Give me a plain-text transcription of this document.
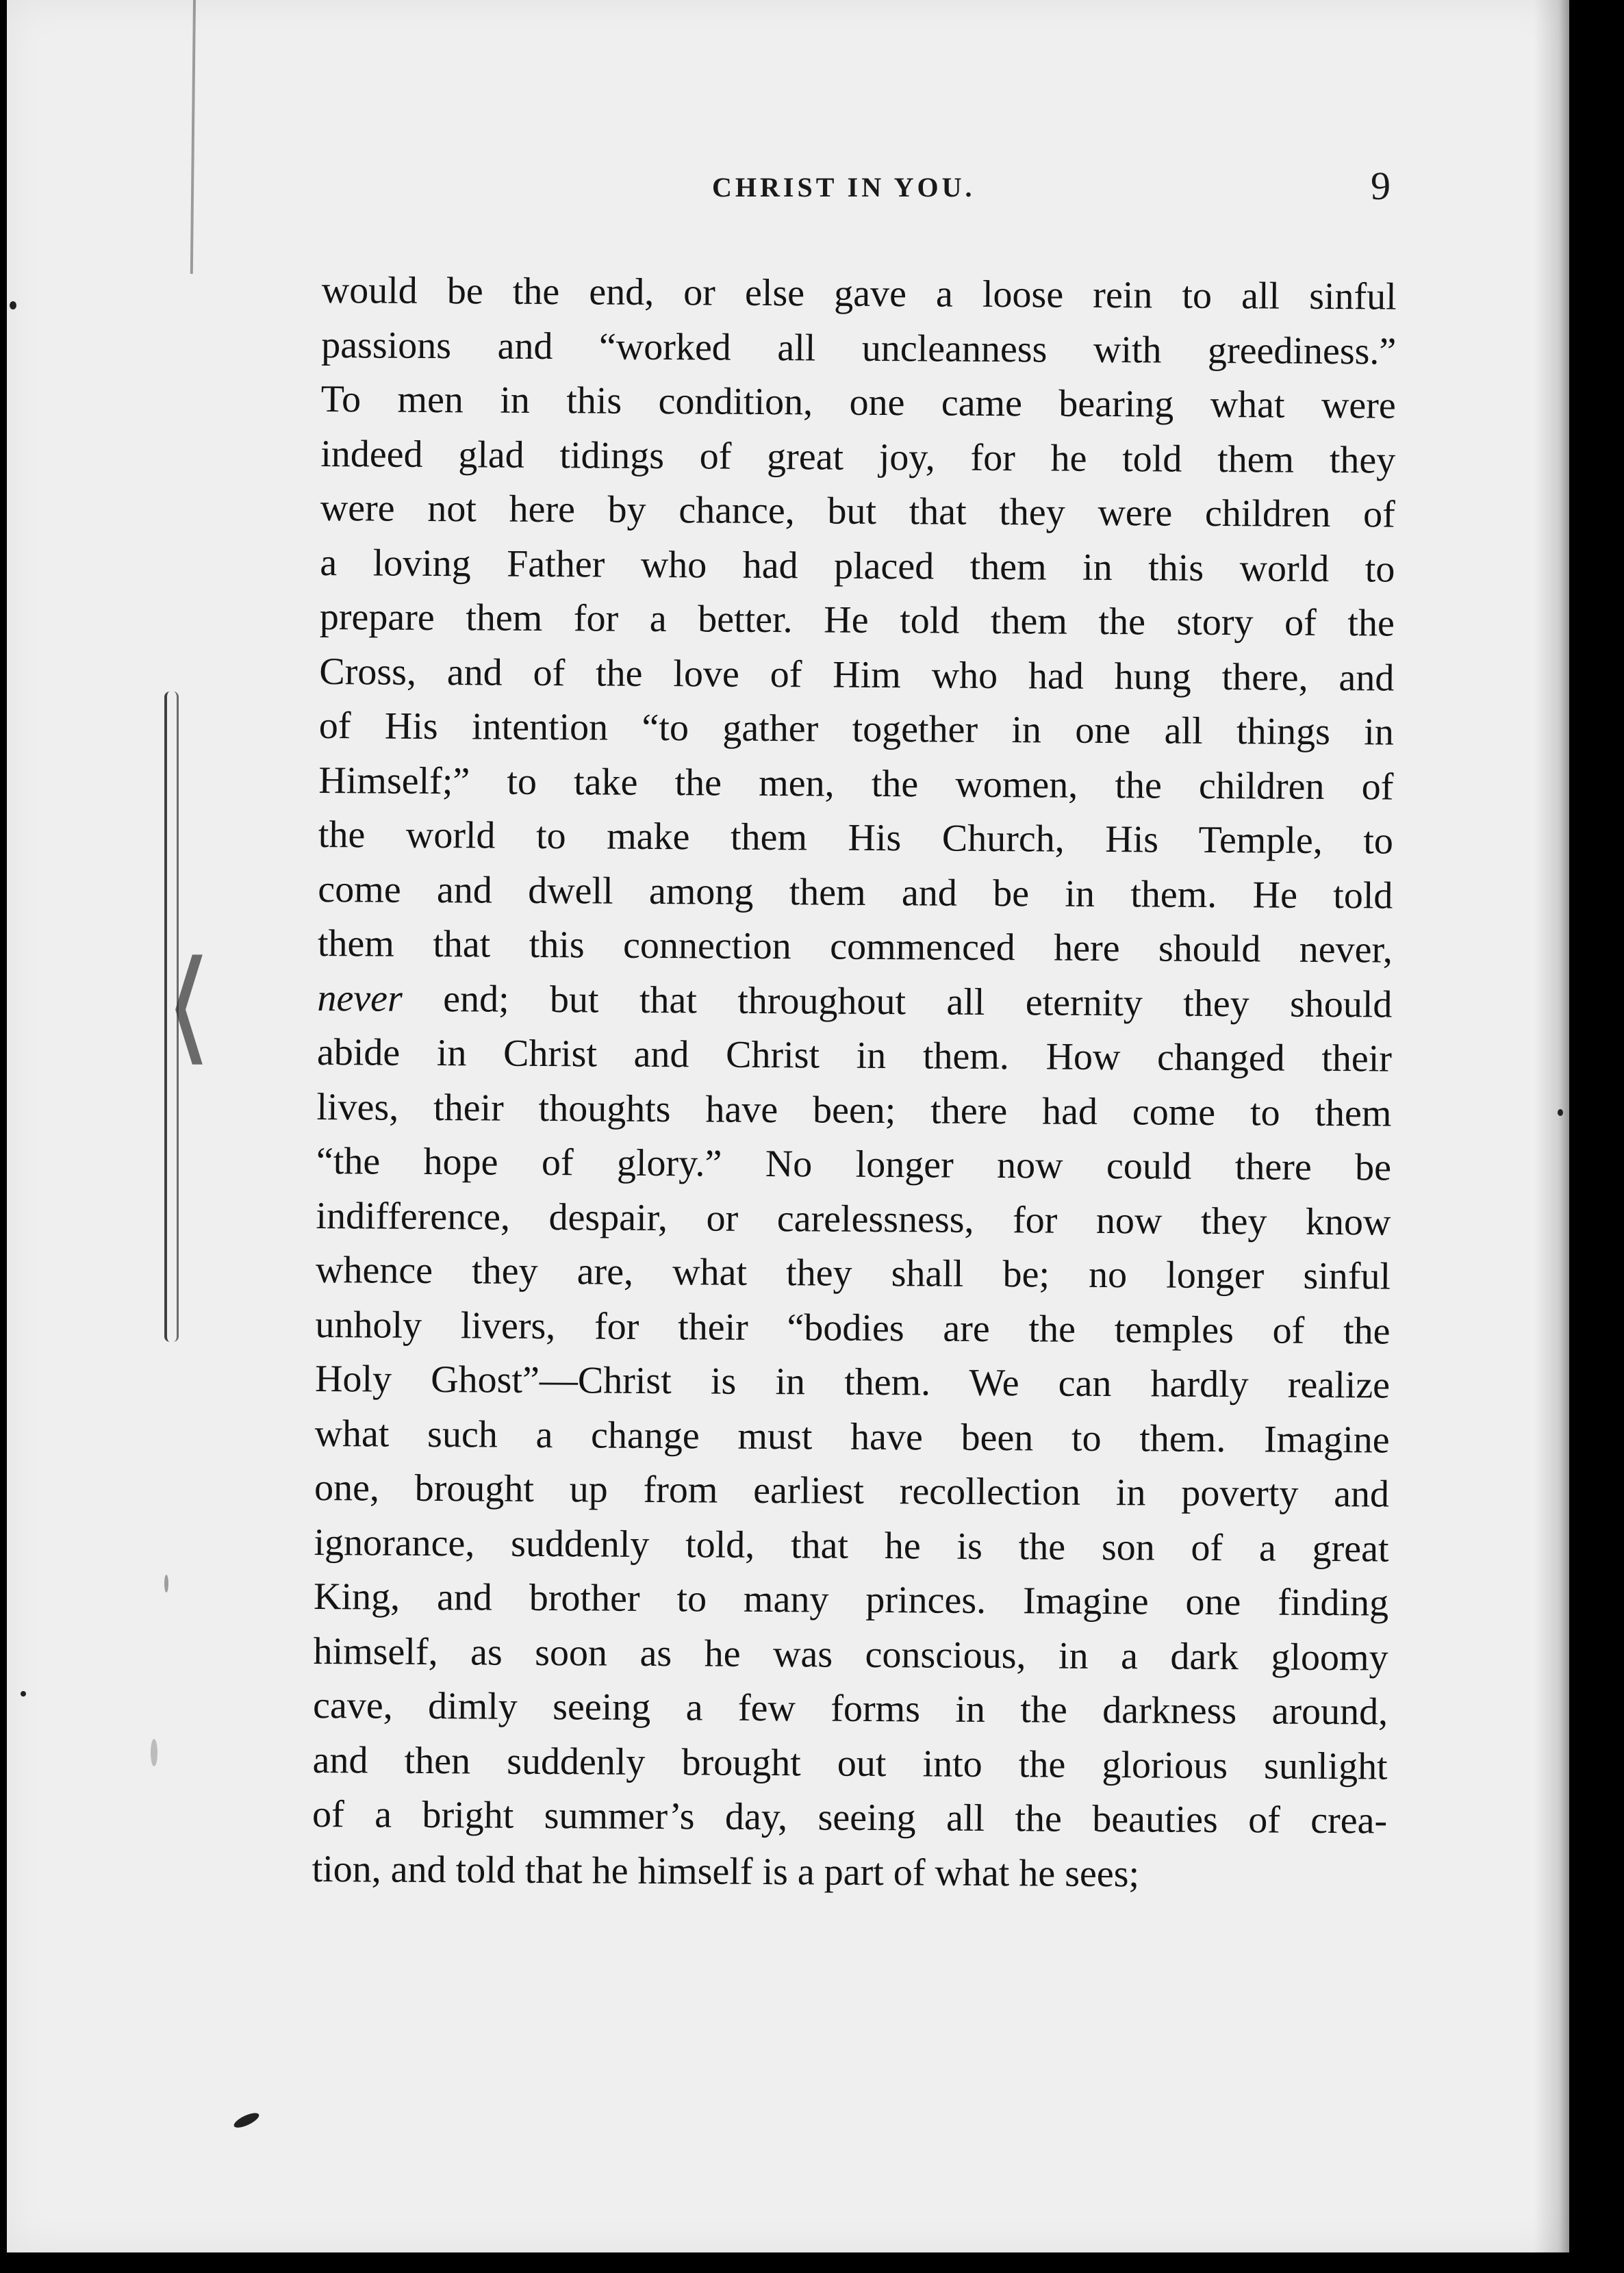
⟨
CHRIST IN YOU.	9
would be the end, or else gave a loose rein to all sinful
passions and “worked all uncleanness with greediness.”
To men in this condition, one came bearing what were
indeed glad tidings of great joy, for he told them they
were not here by chance, but that they were children of
a loving Father who had placed them in this world to
prepare them for a better. He told them the story of the
Cross, and of the love of Him who had hung there, and
of His intention “to gather together in one all things in
Himself;” to take the men, the women, the children of
the world to make them His Church, His Temple, to
come and dwell among them and be in them. He told
them that this connection commenced here should never,
never end; but that throughout all eternity they should
abide in Christ and Christ in them. How changed their
lives, their thoughts have been; there had come to them
“the hope of glory.” No longer now could there be
indifference, despair, or carelessness, for now they know
whence they are, what they shall be; no longer sinful
unholy livers, for their “bodies are the temples of the
Holy Ghost”—Christ is in them. We can hardly realize
what such a change must have been to them. Imagine
one, brought up from earliest recollection in poverty and
ignorance, suddenly told, that he is the son of a great
King, and brother to many princes. Imagine one finding
himself, as soon as he was conscious, in a dark gloomy
cave, dimly seeing a few forms in the darkness around,
and then suddenly brought out into the glorious sunlight
of a bright summer’s day, seeing all the beauties of crea-
tion, and told that he himself is a part of what he sees;
